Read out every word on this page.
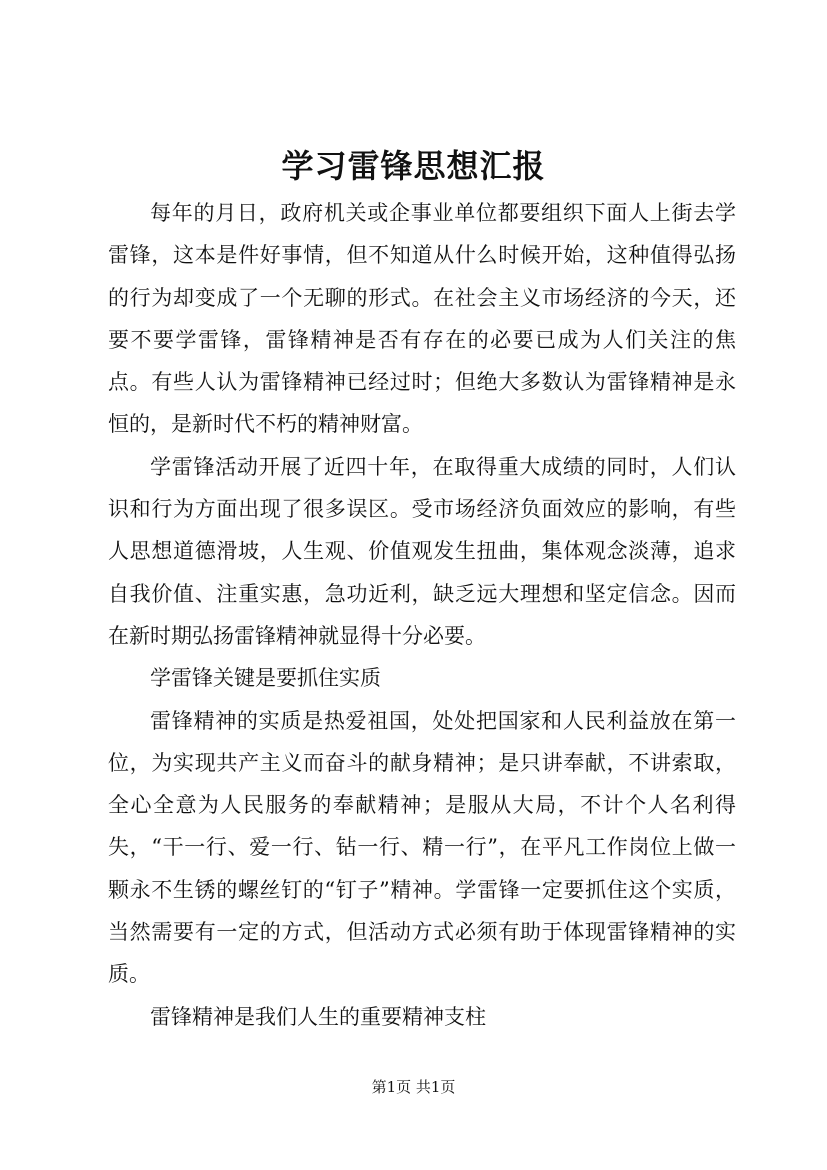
学习雷锋思想汇报

每年的月日，政府机关或企事业单位都要组织下面人上街去学雷锋，这本是件好事情，但不知道从什么时候开始，这种值得弘扬的行为却变成了一个无聊的形式。在社会主义市场经济的今天，还要不要学雷锋，雷锋精神是否有存在的必要已成为人们关注的焦点。有些人认为雷锋精神已经过时；但绝大多数认为雷锋精神是永恒的，是新时代不朽的精神财富。

学雷锋活动开展了近四十年，在取得重大成绩的同时，人们认识和行为方面出现了很多误区。受市场经济负面效应的影响，有些人思想道德滑坡，人生观、价值观发生扭曲，集体观念淡薄，追求自我价值、注重实惠，急功近利，缺乏远大理想和坚定信念。因而在新时期弘扬雷锋精神就显得十分必要。

学雷锋关键是要抓住实质

雷锋精神的实质是热爱祖国，处处把国家和人民利益放在第一位，为实现共产主义而奋斗的献身精神；是只讲奉献，不讲索取，全心全意为人民服务的奉献精神；是服从大局，不计个人名利得失，“干一行、爱一行、钻一行、精一行”，在平凡工作岗位上做一颗永不生锈的螺丝钉的“钉子”精神。学雷锋一定要抓住这个实质，当然需要有一定的方式，但活动方式必须有助于体现雷锋精神的实质。

雷锋精神是我们人生的重要精神支柱

第1页 共1页
